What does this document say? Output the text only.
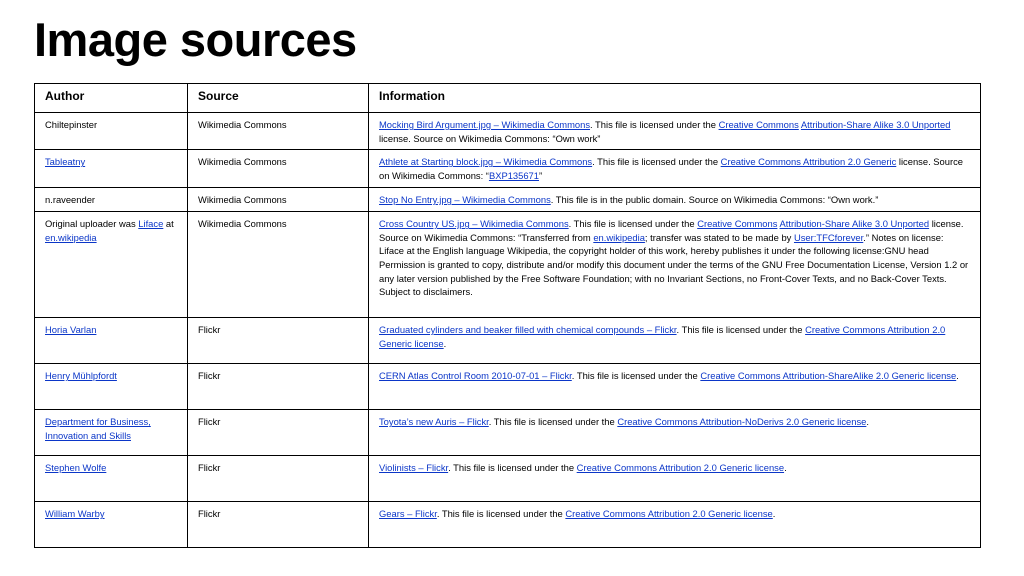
Image sources
Author	Source	Information
Chiltepinster	Wikimedia Commons	Mocking Bird Argument.jpg – Wikimedia Commons. This file is licensed under the Creative Commons Attribution-Share Alike 3.0 Unported license. Source on Wikimedia Commons: “Own work”
Tableatny	Wikimedia Commons	Athlete at Starting block.jpg – Wikimedia Commons. This file is licensed under the Creative Commons Attribution 2.0 Generic license. Source on Wikimedia Commons: “BXP135671”
n.raveender	Wikimedia Commons	Stop No Entry.jpg – Wikimedia Commons. This file is in the public domain. Source on Wikimedia Commons: “Own work.”
Original uploader was Liface at en.wikipedia	Wikimedia Commons	Cross Country US.jpg – Wikimedia Commons. This file is licensed under the Creative Commons Attribution-Share Alike 3.0 Unported license. Source on Wikimedia Commons: “Transferred from en.wikipedia; transfer was stated to be made by User:TFCforever.” Notes on license: Liface at the English language Wikipedia, the copyright holder of this work, hereby publishes it under the following license:GNU head Permission is granted to copy, distribute and/or modify this document under the terms of the GNU Free Documentation License, Version 1.2 or any later version published by the Free Software Foundation; with no Invariant Sections, no Front-Cover Texts, and no Back-Cover Texts.
Subject to disclaimers.
Horia Varlan	Flickr	Graduated cylinders and beaker filled with chemical compounds – Flickr. This file is licensed under the Creative Commons Attribution 2.0 Generic license.
Henry Mühlpfordt	Flickr	CERN Atlas Control Room 2010-07-01 – Flickr. This file is licensed under the Creative Commons Attribution-ShareAlike 2.0 Generic license.
Department for Business, Innovation and Skills	Flickr	Toyota’s new Auris – Flickr. This file is licensed under the Creative Commons Attribution-NoDerivs 2.0 Generic license.
Stephen Wolfe	Flickr	Violinists – Flickr. This file is licensed under the Creative Commons Attribution 2.0 Generic license.
William Warby	Flickr	Gears – Flickr. This file is licensed under the Creative Commons Attribution 2.0 Generic license.
